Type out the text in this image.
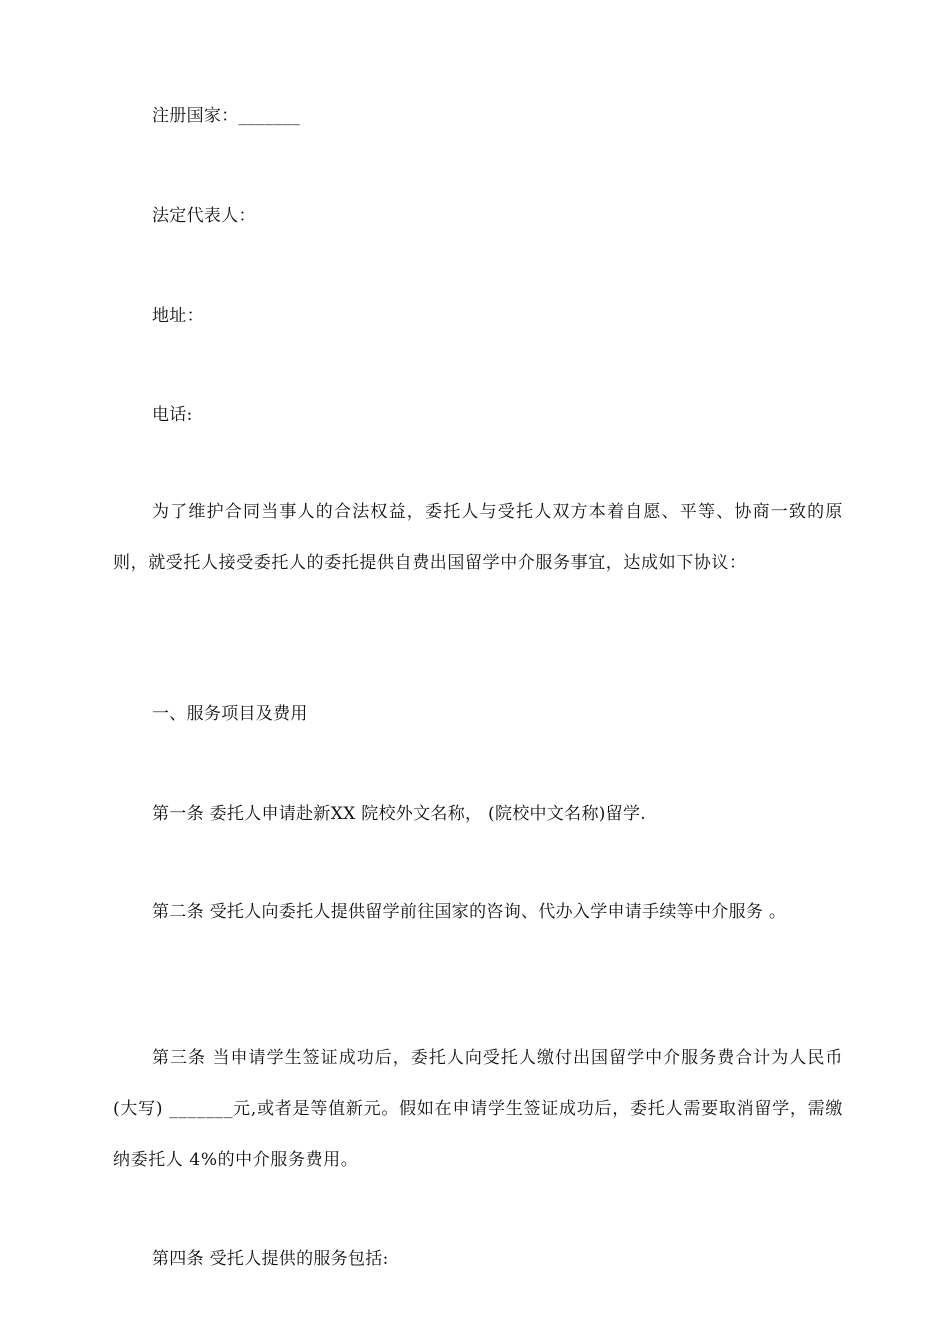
注册国家：_______
法定代表人：
地址：
电话:
为了维护合同当事人的合法权益，委托人与受托人双方本着自愿、平等、协商一致的原则，就受托人接受委托人的委托提供自费出国留学中介服务事宜，达成如下协议：
一、服务项目及费用
第一条 委托人申请赴新XX 院校外文名称， (院校中文名称)留学.
第二条 受托人向委托人提供留学前往国家的咨询、代办入学申请手续等中介服务 。
第三条 当申请学生签证成功后，委托人向受托人缴付出国留学中介服务费合计为人民币(大写) _______元,或者是等值新元。假如在申请学生签证成功后，委托人需要取消留学，需缴纳委托人 4%的中介服务费用。
第四条 受托人提供的服务包括:
